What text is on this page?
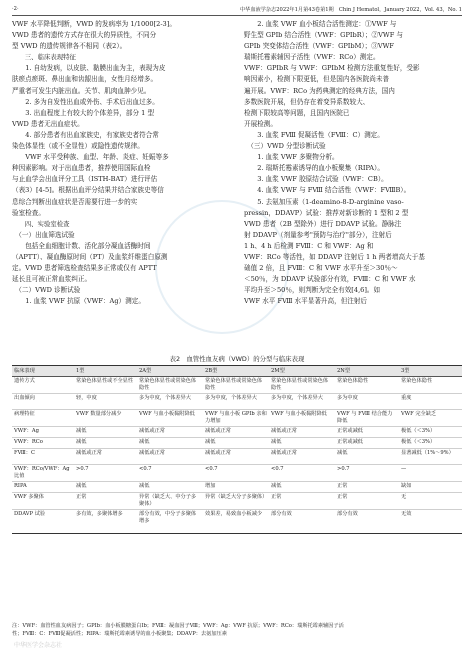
·2·	中华血液学杂志2022年1月第43卷第1期　Chin J Hematol，January 2022，Vol. 43，No. 1

VWF 水平降低判断，VWD 的发病率为 1/1000[2-3]。

VWD 患者的遗传方式存在很大的异质性，不同分

型 VWD 的遗传规律各不相同（表2）。

　　三、临床表现特征

1. 自幼发病，以皮肤、黏膜出血为主，表现为皮

肤瘀点瘀斑、鼻出血和齿龈出血，女性月经增多。

严重者可发生内脏出血。关节、肌肉血肿少见。

2. 多为自发性出血或外伤、手术后出血过多。

3. 出血程度上有较大的个体差异，部分 1 型

VWD 患者无出血症状。

4. 部分患者有出血家族史，有家族史者符合常

染色体显性（或不全显性）或隐性遗传规律。

VWF 水平受种族、血型、年龄、炎症、妊娠等多

种因素影响。对于出血患者，推荐使用国际血栓

与止血学会出血评分工具（ISTH-BAT）进行评估

（表3）[4-5]。根据出血评分结果并结合家族史等信

息综合判断出血症状是否需要行进一步的实

验室检查。

　　四、实验室检查

　（一）出血筛选试验

包括全血细胞计数、活化部分凝血活酶时间

（APTT）、凝血酶原时间（PT）及血浆纤维蛋白原测

定。VWD 患者筛选检查结果多正常或仅有 APTT

延长且可被正常血浆纠正。

　（二）VWD 诊断试验

1. 血浆 VWF 抗原（VWF：Ag）测定。

2. 血浆 VWF 血小板结合活性测定：①VWF 与

野生型 GPⅠb 结合活性（VWF：GPⅠbR）；②VWF 与

GPⅠb 突变体结合活性（VWF：GPⅠbM）；③VWF

瑞斯托霉素辅因子活性（VWF：RCo）测定。

VWF：GPⅠbR 与 VWF：GPⅠbM 检测方法重复性好，受影

响因素小，检测下限更低，但是国内各医院尚未普

遍开展。VWF：RCo 为药典测定的经典方法，国内

多数医院开展，但仍存在着变异系数较大、

检测下限较高等问题，且国内医院已

开展检测。

3. 血浆 FⅧ 促凝活性（FⅧ：C）测定。

　（三）VWD 分型诊断试验

1. 血浆 VWF 多聚物分析。

2. 瑞斯托霉素诱导的血小板聚集（RIPA）。

3. 血浆 VWF 胶原结合试验（VWF：CB）。

4. 血浆 VWF 与 FⅧ 结合活性（VWF：FⅧB）。

5. 去氨加压素（1-deamino-8-D-arginine vaso-

pressin，DDAVP）试验：推荐对新诊断的 1 型和 2 型

VWD 患者（2B 型除外）进行 DDAVP 试验。静脉注

射 DDAVP（剂量参考"预防与治疗"部分），注射后

1 h、4 h 后检测 FⅧ：C 和 VWF：Ag 和

VWF：RCo 等活性，如 DDAVP 注射后 1 h 两者增高大于基

础值 2 倍，且 FⅧ：C 和 VWF 水平升至＞30％～

＜50％，为 DDAVP 试验部分有效，FⅧ：C 和 VWF 水

平均升至＞50％，则判断为完全有效[4,6]。如

VWF 水平 FⅧ 水平显著升高，但注射后

表2　血管性血友病（VWD）的分型与临床表现
临床表现	1型	2A型	2B型	2M型	2N型	3型
遗传方式	常染色体显性或不全显性	常染色体显性或常染色体隐性	常染色体显性或常染色体隐性	常染色体显性或常染色体隐性	常染色体隐性	常染色体隐性
出血倾向	轻，中度	多为中度，个体差异大	多为中度，个体差异大	多为中度，个体差异大	多为中度	重度
病理特征	VWF 数量部分减少	VWF 与血小板黏附降低	VWF 与血小板 GPⅠb 亲和力增加	VWF 与血小板黏附降低	VWF 与 FⅧ 结合能力降低	VWF 完全缺乏
VWF：Ag	减低	减低或正常	减低或正常	减低或正常	正常或减低	极低（＜3%）
VWF：RCo	减低	减低	减低	减低	正常或减低	极低（＜3%）
FⅧ：C	减低或正常	减低或正常	减低或正常	减低或正常	减低	显著减低（1%～9%）
VWF：RCo/VWF：Ag 比值	>0.7	<0.7	<0.7	<0.7	>0.7	—
RIPA	减低	减低	增加	减低	正常	缺如
VWF 多聚体	正常	异常（缺乏大、中分子多聚体）	异常（缺乏大分子多聚体）	正常	正常	无
DDAVP 试验	多有效，多聚体增多	部分有效，中分子多聚体增多	效果差，易致血小板减少	部分有效	部分有效	无效

注：VWF：血管性血友病因子；GPⅠb：血小板膜糖蛋白Ⅰb；FⅧ：凝血因子Ⅷ；VWF：Ag：VWF 抗原；VWF：RCo：瑞斯托霉素辅因子活

性；FⅧ：C：FⅧ促凝活性；RIPA：瑞斯托霉素诱导的血小板聚集；DDAVP：去氨加压素

中华医学会杂志社
